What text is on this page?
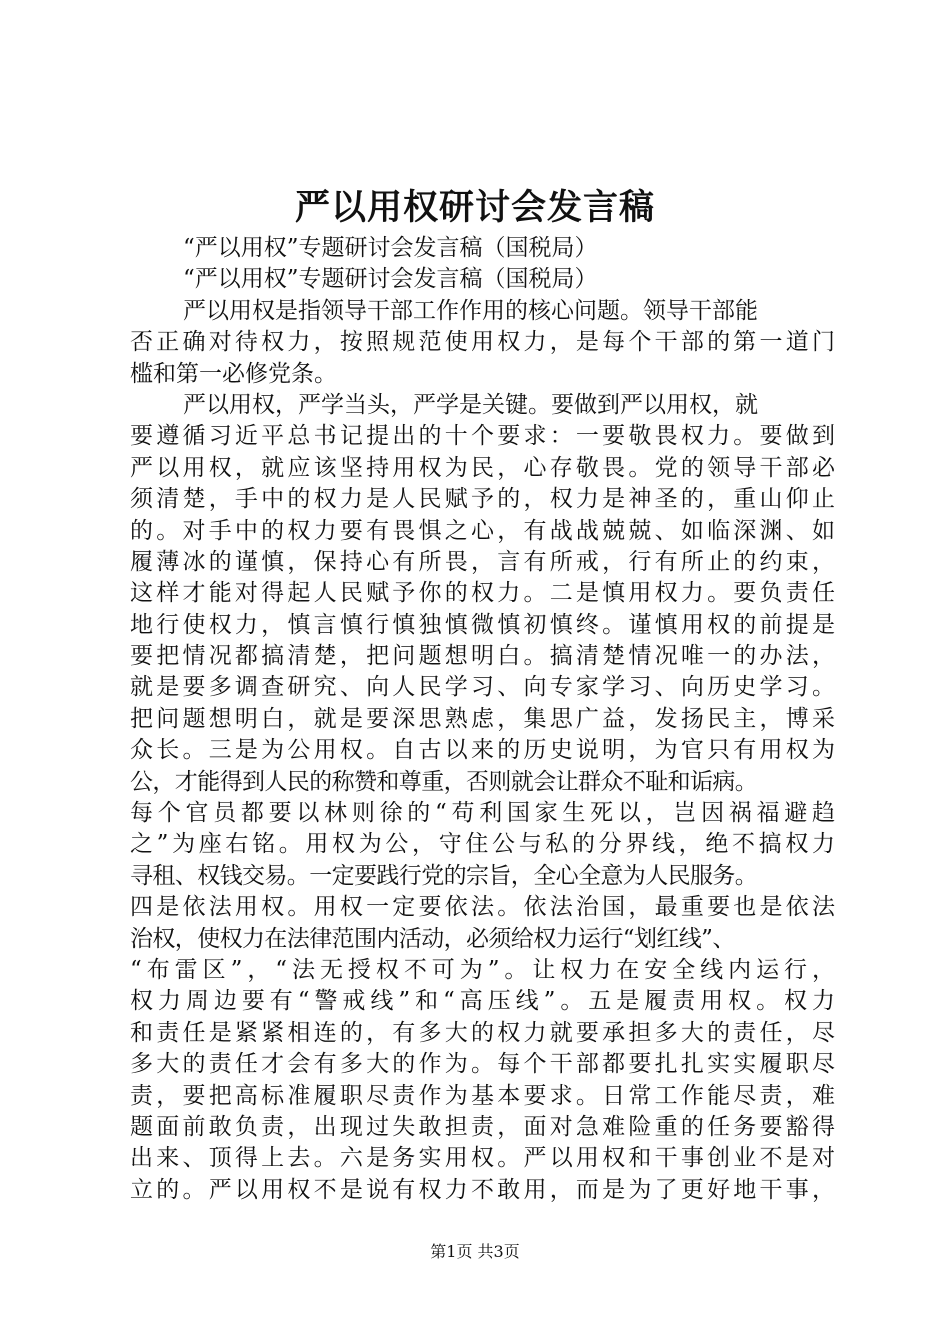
严以用权研讨会发言稿
“严以用权”专题研讨会发言稿（国税局）
“严以用权”专题研讨会发言稿（国税局）
严以用权是指领导干部工作作用的核心问题。领导干部能
否正确对待权力，按照规范使用权力，是每个干部的第一道门
槛和第一必修党条。
严以用权，严学当头，严学是关键。要做到严以用权，就
要遵循习近平总书记提出的十个要求：一要敬畏权力。要做到
严以用权，就应该坚持用权为民，心存敬畏。党的领导干部必
须清楚，手中的权力是人民赋予的，权力是神圣的，重山仰止
的。对手中的权力要有畏惧之心，有战战兢兢、如临深渊、如
履薄冰的谨慎，保持心有所畏，言有所戒，行有所止的约束，
这样才能对得起人民赋予你的权力。二是慎用权力。要负责任
地行使权力，慎言慎行慎独慎微慎初慎终。谨慎用权的前提是
要把情况都搞清楚，把问题想明白。搞清楚情况唯一的办法，
就是要多调查研究、向人民学习、向专家学习、向历史学习。
把问题想明白，就是要深思熟虑，集思广益，发扬民主，博采
众长。三是为公用权。自古以来的历史说明，为官只有用权为
公，才能得到人民的称赞和尊重，否则就会让群众不耻和诟病。
每个官员都要以林则徐的“苟利国家生死以，岂因祸福避趋
之”为座右铭。用权为公，守住公与私的分界线，绝不搞权力
寻租、权钱交易。一定要践行党的宗旨，全心全意为人民服务。
四是依法用权。用权一定要依法。依法治国，最重要也是依法
治权，使权力在法律范围内活动，必须给权力运行“划红线”、
“布雷区”，“法无授权不可为”。让权力在安全线内运行，
权力周边要有“警戒线”和“高压线”。五是履责用权。权力
和责任是紧紧相连的，有多大的权力就要承担多大的责任，尽
多大的责任才会有多大的作为。每个干部都要扎扎实实履职尽
责，要把高标准履职尽责作为基本要求。日常工作能尽责，难
题面前敢负责，出现过失敢担责，面对急难险重的任务要豁得
出来、顶得上去。六是务实用权。严以用权和干事创业不是对
立的。严以用权不是说有权力不敢用，而是为了更好地干事，
第1页 共3页
